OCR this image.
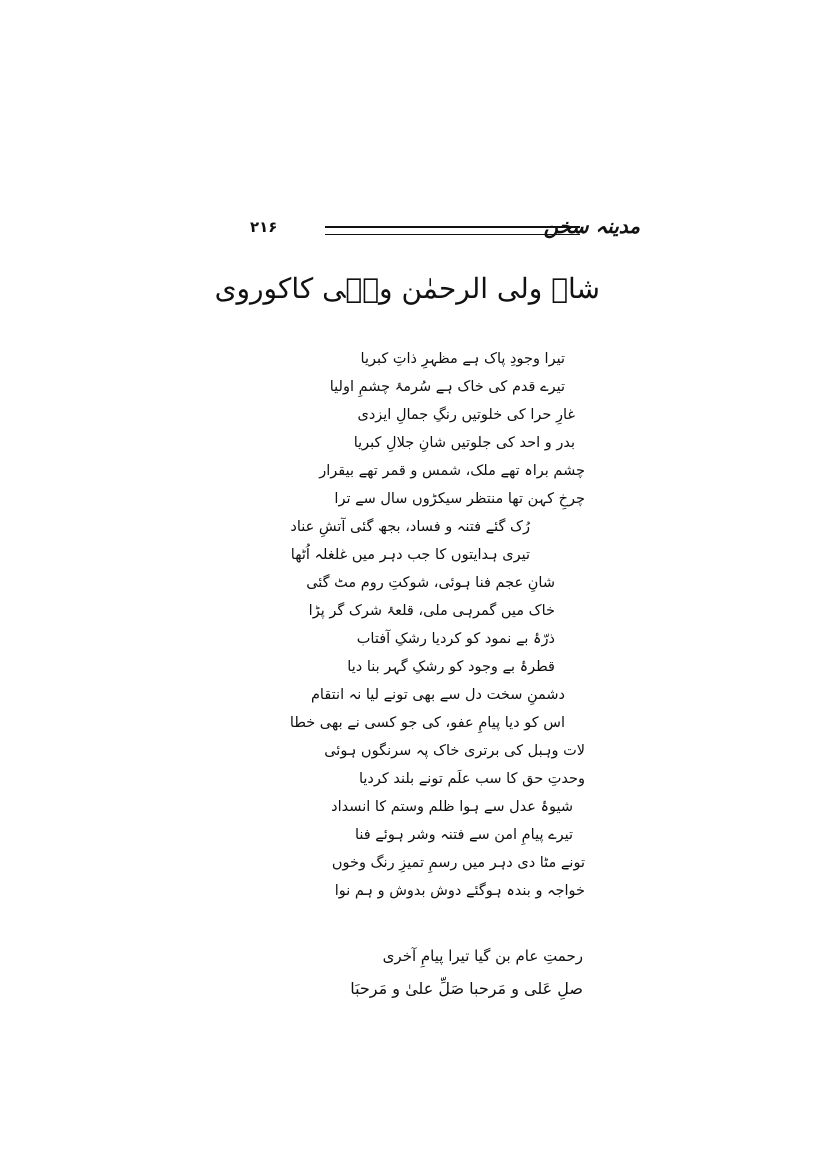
۲۱۶	مدینہ سخن
شاہ ولی الرحمٰن ولؔی کاکوروی
تیرا وجودِ پاک ہے مظہرِ ذاتِ کبریا
تیرے قدم کی خاک ہے سُرمۂ چشمِ اولیا
غارِ حرا کی خلوتیں رنگِ جمالِ ایزدی
بدر و احد کی جلوتیں شانِ جلالِ کبریا
چشم براہ تھے ملک، شمس و قمر تھے بیقرار
چرخِ کہن تھا منتظر سیکڑوں سال سے ترا
رُک گئے فتنہ و فساد، بجھ گئی آتشِ عناد
تیری ہدایتوں کا جب دہر میں غلغلہ اُٹھا
شانِ عجم فنا ہوئی، شوکتِ روم مٹ گئی
خاک میں گمرہی ملی، قلعۂ شرک گر پڑا
ذرّۂ بے نمود کو کردیا رشکِ آفتاب
قطرۂ بے وجود کو رشکِ گہر بنا دیا
دشمنِ سخت دل سے بھی تونے لیا نہ انتقام
اس کو دیا پیامِ عفو، کی جو کسی نے بھی خطا
لات وہبل کی برتری خاک پہ سرنگوں ہوئی
وحدتِ حق کا سب علَم تونے بلند کردیا
شیوۂ عدل سے ہوا ظلم وستم کا انسداد
تیرے پیامِ امن سے فتنہ وشر ہوئے فنا
تونے مٹا دی دہر میں رسمِ تمیزِ رنگ وخوں
خواجہ و بندہ ہوگئے دوش بدوش و ہم نوا
رحمتِ عام بن گیا تیرا پیامِ آخری
صلِ عَلی و مَرحبا صَلِّ علیٰ و مَرحبَا
